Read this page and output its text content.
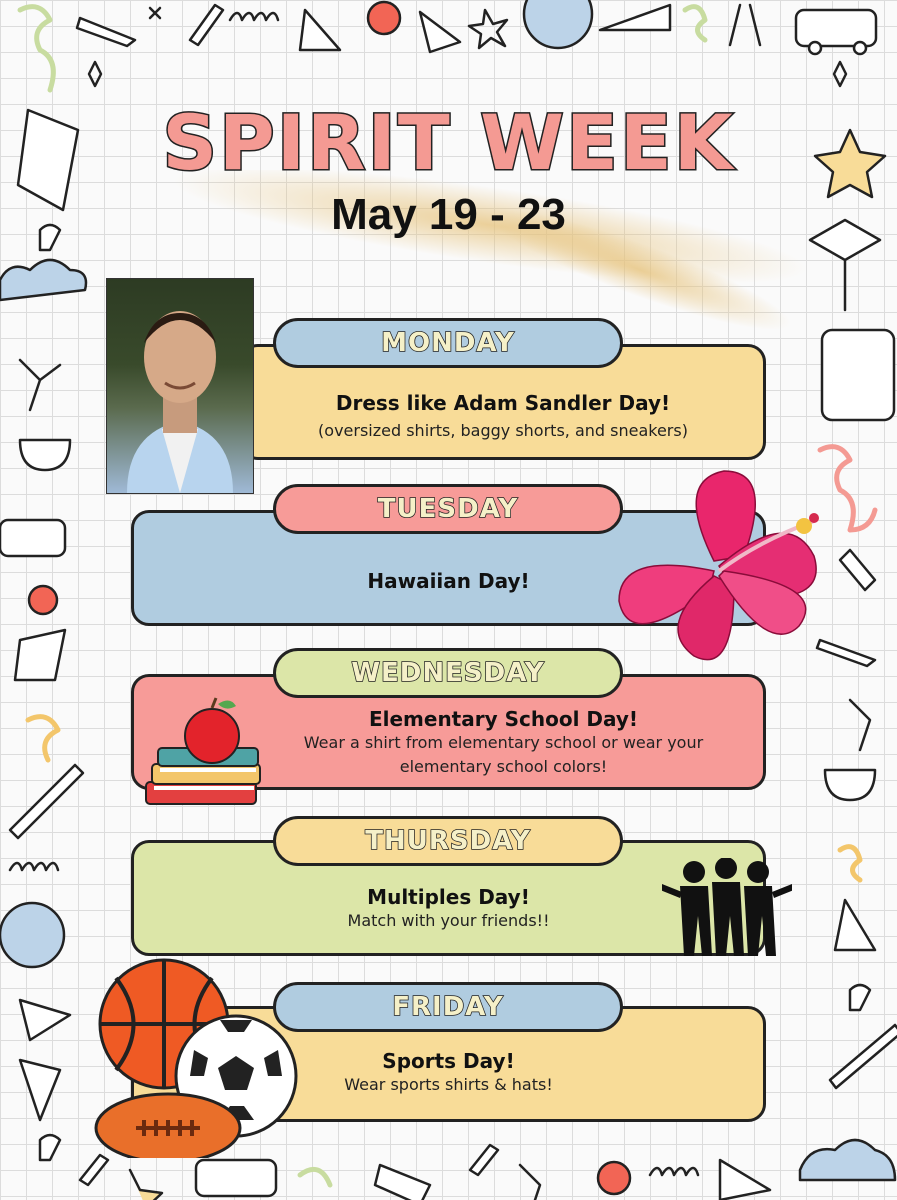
SPIRIT WEEK
May 19 - 23
Dress like Adam Sandler Day!
(oversized shirts, baggy shorts, and sneakers)
MONDAY
Hawaiian Day!
TUESDAY
Elementary School Day!
Wear a shirt from elementary school or wear your elementary school colors!
WEDNESDAY
Multiples Day!
Match with your friends!!
THURSDAY
Sports Day!
Wear sports shirts & hats!
FRIDAY
